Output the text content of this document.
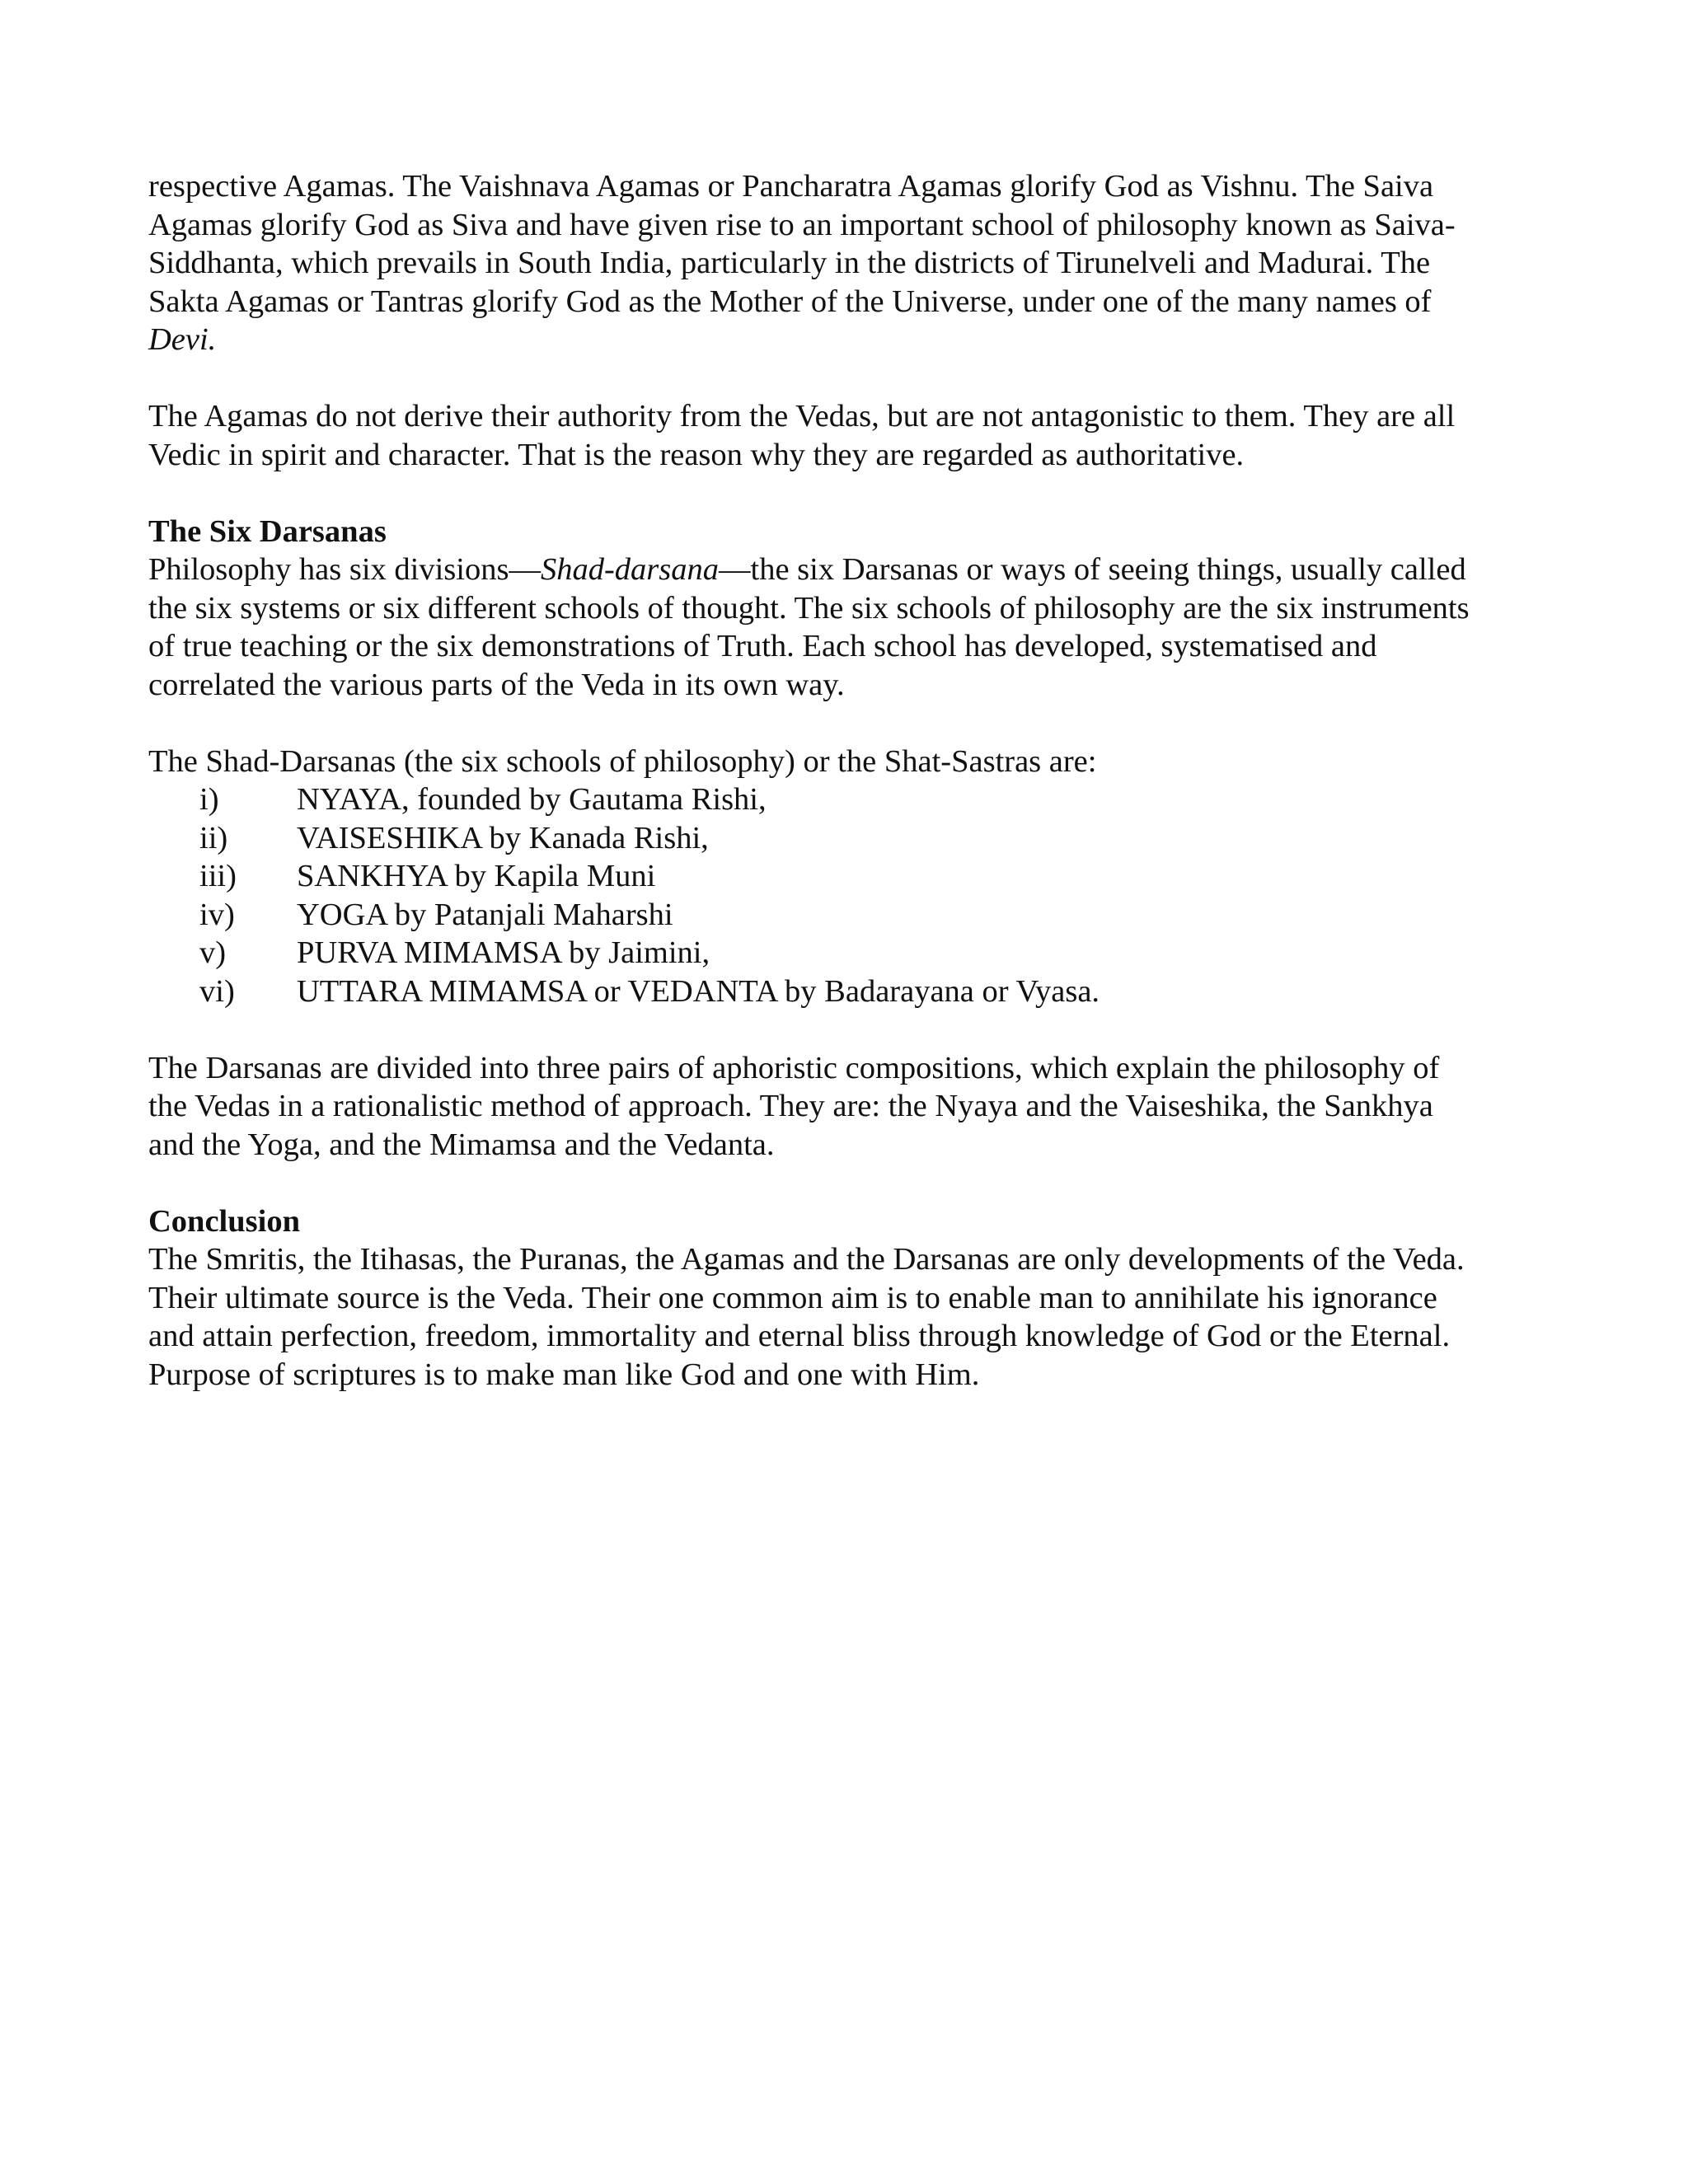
respective Agamas. The Vaishnava Agamas or Pancharatra Agamas glorify God as Vishnu. The Saiva
Agamas glorify God as Siva and have given rise to an important school of philosophy known as Saiva-
Siddhanta, which prevails in South India, particularly in the districts of Tirunelveli and Madurai. The
Sakta Agamas or Tantras glorify God as the Mother of the Universe, under one of the many names of
Devi.
The Agamas do not derive their authority from the Vedas, but are not antagonistic to them. They are all
Vedic in spirit and character. That is the reason why they are regarded as authoritative.
The Six Darsanas
Philosophy has six divisions—Shad-darsana—the six Darsanas or ways of seeing things, usually called
the six systems or six different schools of thought. The six schools of philosophy are the six instruments
of true teaching or the six demonstrations of Truth. Each school has developed, systematised and
correlated the various parts of the Veda in its own way.
The Shad-Darsanas (the six schools of philosophy) or the Shat-Sastras are:
i) NYAYA, founded by Gautama Rishi,
ii) VAISESHIKA by Kanada Rishi,
iii) SANKHYA by Kapila Muni
iv) YOGA by Patanjali Maharshi
v) PURVA MIMAMSA by Jaimini,
vi) UTTARA MIMAMSA or VEDANTA by Badarayana or Vyasa.
The Darsanas are divided into three pairs of aphoristic compositions, which explain the philosophy of
the Vedas in a rationalistic method of approach. They are: the Nyaya and the Vaiseshika, the Sankhya
and the Yoga, and the Mimamsa and the Vedanta.
Conclusion
The Smritis, the Itihasas, the Puranas, the Agamas and the Darsanas are only developments of the Veda.
Their ultimate source is the Veda. Their one common aim is to enable man to annihilate his ignorance
and attain perfection, freedom, immortality and eternal bliss through knowledge of God or the Eternal.
Purpose of scriptures is to make man like God and one with Him.
